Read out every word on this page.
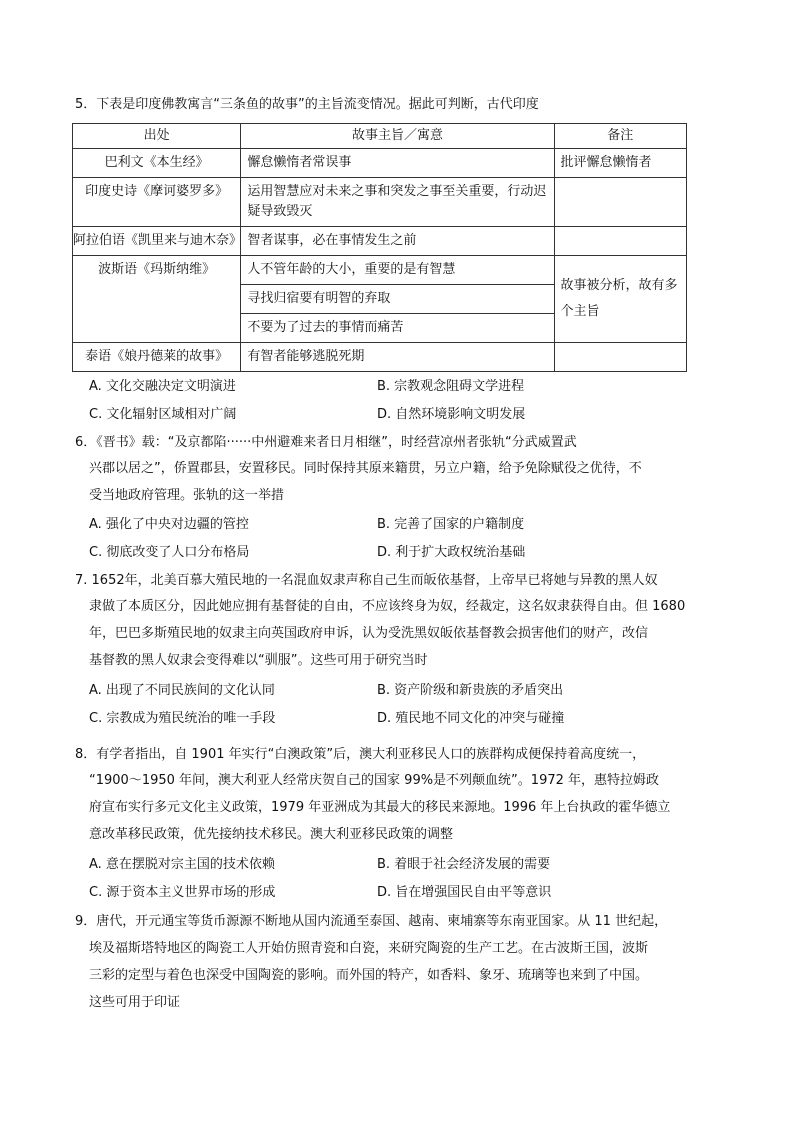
5．下表是印度佛教寓言“三条鱼的故事”的主旨流变情况。据此可判断，古代印度
出处	故事主旨／寓意	备注
巴利文《本生经》	懈怠懒惰者常误事	批评懈怠懒惰者
印度史诗《摩诃婆罗多》	运用智慧应对未来之事和突发之事至关重要，行动迟疑导致毁灭	
阿拉伯语《凯里来与迪木奈》	智者谋事，必在事情发生之前	
波斯语《玛斯纳维》	人不管年龄的大小，重要的是有智慧	故事被分析，故有多个主旨
	寻找归宿要有明智的弃取	
	不要为了过去的事情而痛苦	
泰语《娘丹德莱的故事》	有智者能够逃脱死期	
A. 文化交融决定文明演进	B. 宗教观念阻碍文学进程
C. 文化辐射区域相对广阔	D. 自然环境影响文明发展
6．《晋书》载：“及京都陷······中州避难来者日月相继”，时经营凉州者张轨“分武威置武
兴郡以居之”，侨置郡县，安置移民。同时保持其原来籍贯，另立户籍，给予免除赋役之优待，不
受当地政府管理。张轨的这一举措
A. 强化了中央对边疆的管控	B. 完善了国家的户籍制度
C. 彻底改变了人口分布格局	D. 利于扩大政权统治基础
7. 1652年，北美百慕大殖民地的一名混血奴隶声称自己生而皈依基督，上帝早已将她与异教的黑人奴
隶做了本质区分，因此她应拥有基督徒的自由，不应该终身为奴，经裁定，这名奴隶获得自由。但 1680
年，巴巴多斯殖民地的奴隶主向英国政府申诉，认为受洗黑奴皈依基督教会损害他们的财产，改信
基督教的黑人奴隶会变得难以“驯服”。这些可用于研究当时
A. 出现了不同民族间的文化认同	B. 资产阶级和新贵族的矛盾突出
C. 宗教成为殖民统治的唯一手段	D. 殖民地不同文化的冲突与碰撞
8．有学者指出，自 1901 年实行“白澳政策”后，澳大利亚移民人口的族群构成便保持着高度统一，
“1900～1950 年间，澳大利亚人经常庆贺自己的国家 99%是不列颠血统”。1972 年，惠特拉姆政
府宣布实行多元文化主义政策，1979 年亚洲成为其最大的移民来源地。1996 年上台执政的霍华德立
意改革移民政策，优先接纳技术移民。澳大利亚移民政策的调整
A. 意在摆脱对宗主国的技术依赖	B. 着眼于社会经济发展的需要
C. 源于资本主义世界市场的形成	D. 旨在增强国民自由平等意识
9．唐代，开元通宝等货币源源不断地从国内流通至泰国、越南、柬埔寨等东南亚国家。从 11 世纪起，
埃及福斯塔特地区的陶瓷工人开始仿照青瓷和白瓷，来研究陶瓷的生产工艺。在古波斯王国，波斯
三彩的定型与着色也深受中国陶瓷的影响。而外国的特产，如香料、象牙、琉璃等也来到了中国。
这些可用于印证
